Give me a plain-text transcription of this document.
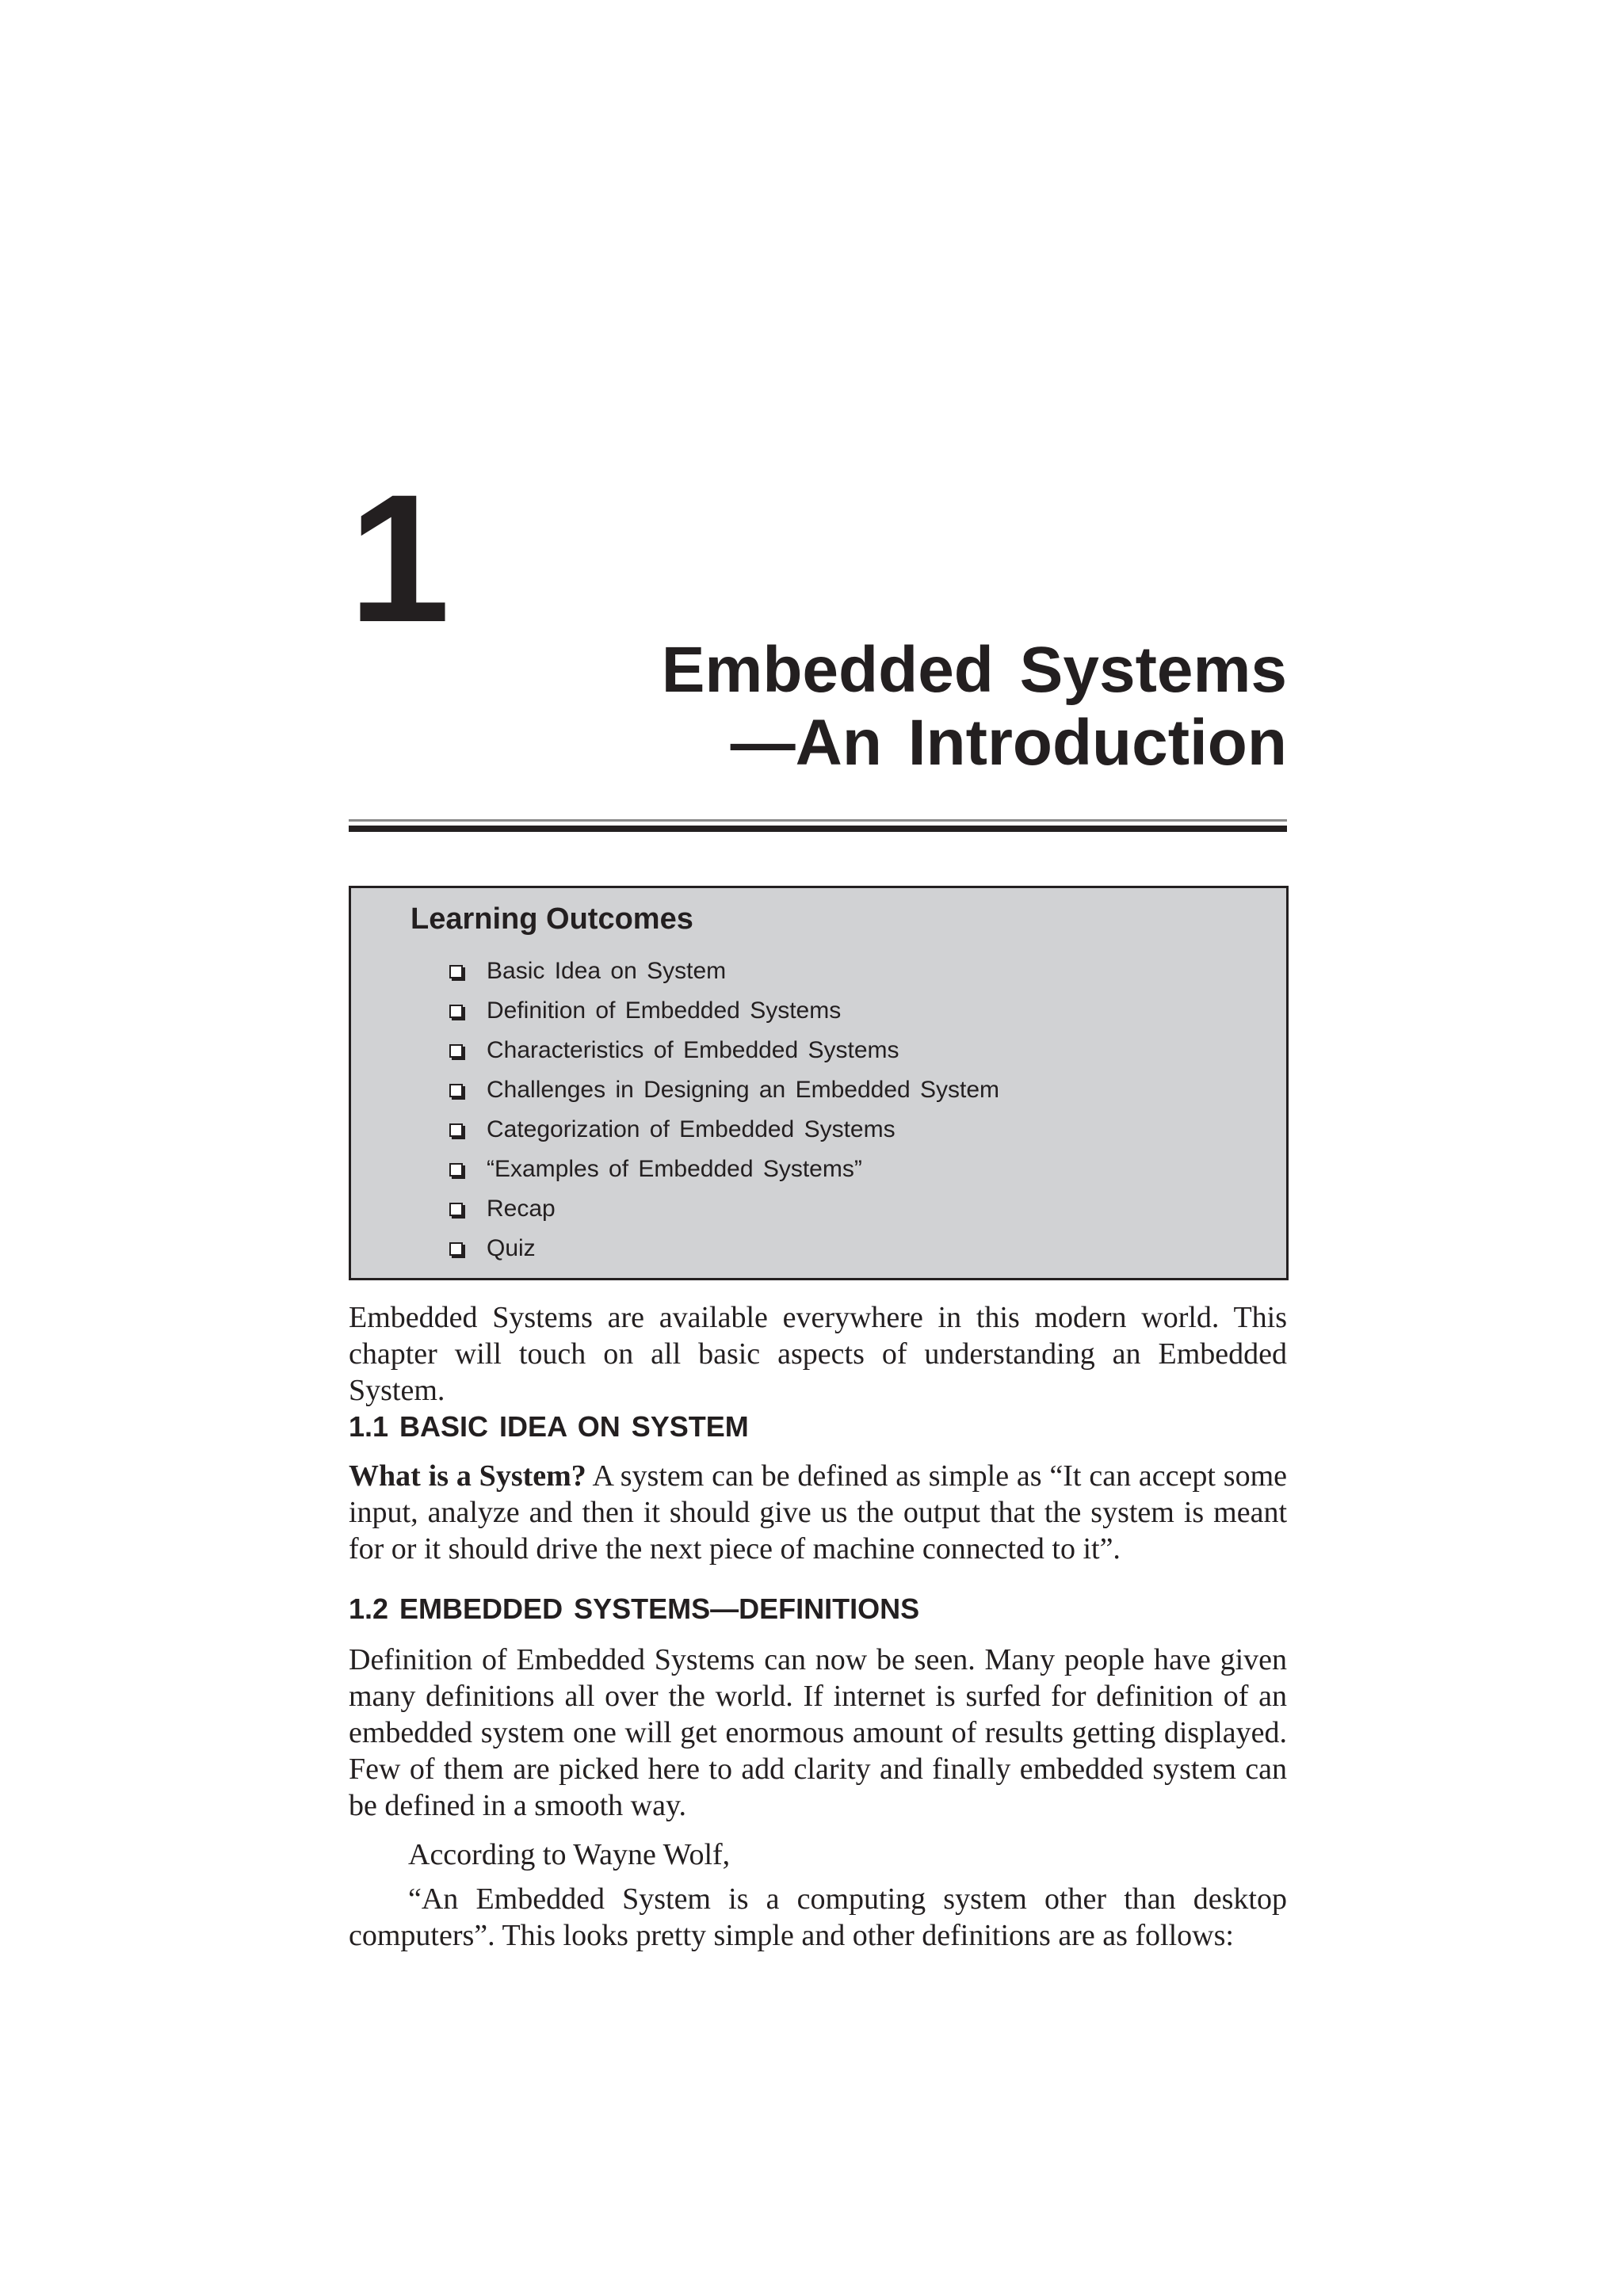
1
Embedded Systems
—An Introduction
Learning Outcomes
Basic Idea on System
Definition of Embedded Systems
Characteristics of Embedded Systems
Challenges in Designing an Embedded System
Categorization of Embedded Systems
“Examples of Embedded Systems”
Recap
Quiz

Embedded Systems are available everywhere in this modern world. This chapter will touch on all basic aspects of understanding an Embedded System.

1.1 BASIC IDEA ON SYSTEM

What is a System? A system can be defined as simple as “It can accept some input, analyze and then it should give us the output that the system is meant for or it should drive the next piece of machine connected to it”.

1.2 EMBEDDED SYSTEMS—DEFINITIONS

Definition of Embedded Systems can now be seen. Many people have given many definitions all over the world. If internet is surfed for definition of an embedded system one will get enormous amount of results getting displayed. Few of them are picked here to add clarity and finally embedded system can be defined in a smooth way.

According to Wayne Wolf,

“An Embedded System is a computing system other than desktop computers”. This looks pretty simple and other definitions are as follows:
